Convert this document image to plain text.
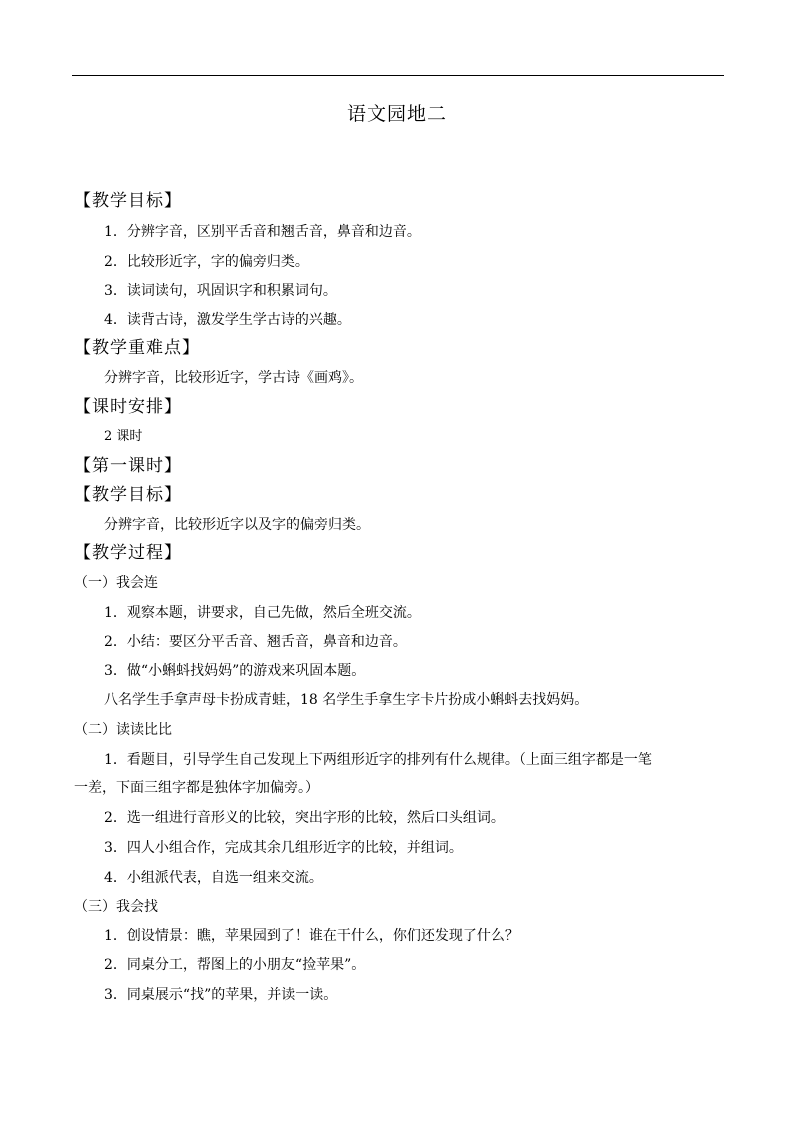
语文园地二
【教学目标】
1．分辨字音，区别平舌音和翘舌音，鼻音和边音。
2．比较形近字，字的偏旁归类。
3．读词读句，巩固识字和积累词句。
4．读背古诗，激发学生学古诗的兴趣。
【教学重难点】
分辨字音，比较形近字，学古诗《画鸡》。
【课时安排】
2 课时
【第一课时】
【教学目标】
分辨字音，比较形近字以及字的偏旁归类。
【教学过程】
（一）我会连
1．观察本题，讲要求，自己先做，然后全班交流。
2．小结：要区分平舌音、翘舌音，鼻音和边音。
3．做“小蝌蚪找妈妈”的游戏来巩固本题。
八名学生手拿声母卡扮成青蛙，18 名学生手拿生字卡片扮成小蝌蚪去找妈妈。
（二）读读比比
1．看题目，引导学生自己发现上下两组形近字的排列有什么规律。（上面三组字都是一笔
一差，下面三组字都是独体字加偏旁。）
2．选一组进行音形义的比较，突出字形的比较，然后口头组词。
3．四人小组合作，完成其余几组形近字的比较，并组词。
4．小组派代表，自选一组来交流。
（三）我会找
1．创设情景：瞧，苹果园到了！谁在干什么，你们还发现了什么？
2．同桌分工，帮图上的小朋友“捡苹果”。
3．同桌展示“找”的苹果，并读一读。
